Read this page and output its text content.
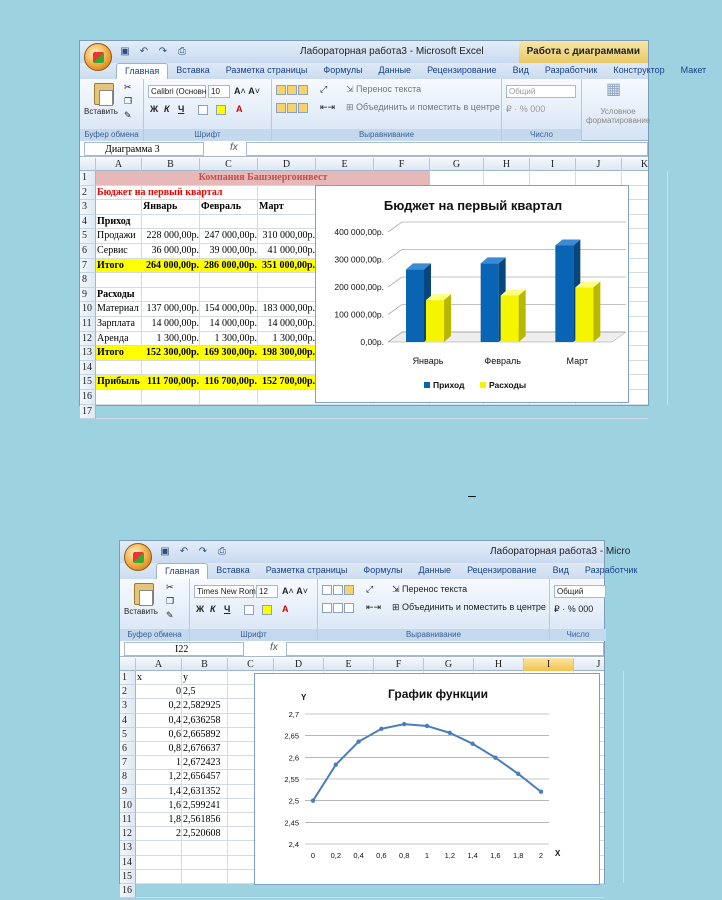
▣ ↶ ↷	⎙	Лабораторная работа3 - Microsoft Excel	Работа с диаграммами
Главная	Вставка	Разметка страницы	Формулы	Данные	Рецензирование	Вид	Разработчик	Конструктор	Макет
Вставить
✂
❐
✎
Буфер обмена
Calibri (Основн 10	A˄ A˅
Ж К Ч	A
Шрифт
⤢ ⇲ Перенос текста
⇤⇥ ⊞ Объединить и поместить в центре
Выравнивание
Общий
₽ · % 000
Число
▦
Условное форматирование
Диаграмма 3	fx
A	B	C	D	E	F	G	H	I	J	K
1
2
3
4
5
6
7
8
9
10
11
12
13
14
15
16
17
Компания Башэнергоинвест
Бюджет на первый квартал
Январь	Февраль	Март
Приход
Продажи	228 000,00р. 247 000,00р. 310 000,00р.
Сервис	36 000,00р.	39 000,00р.	41 000,00р.
Итого	264 000,00р. 286 000,00р. 351 000,00р.
Материал 137 000,00р. 154 000,00р. 183 000,00р.
Зарплата	14 000,00р.	14 000,00р.	14 000,00р.
Аренда	1 300,00р.	1 300,00р.	1 300,00р.
Итого	152 300,00р. 169 300,00р. 198 300,00р.
Прибыль 111 700,00р. 116 700,00р. 152 700,00р.
Расходы
Бюджет на первый квартал
0,00р.
100 000,00р.
200 000,00р.
300 000,00р.
400 000,00р.
Январь	Февраль	Март
Приход	Расходы
–
▣ ↶ ↷	⎙	Лабораторная работа3 - Micro
Главная	Вставка	Разметка страницы	Формулы	Данные	Рецензирование	Вид	Разработчик
Вставить
✂
❐
✎
Буфер обмена
Times New Rom 12	A˄ A˅
Ж К Ч	A
Шрифт
⤢ ⇲ Перенос текста
⇤⇥ ⊞ Объединить и поместить в центре
Выравнивание
Общий
₽ · % 000
Число
I22	fx
A	B	C	D	E	F	G	H	I	J
1
2
3
4
5
6
7
8
9
10
11
12
13
14
15
16
x	y
0 2,5
0,2 2,582925
0,4 2,636258
0,6 2,665892
0,8 2,676637
1 2,672423
1,2 2,656457
1,4 2,631352
1,6 2,599241
1,8 2,561856
2 2,520608
График функции
Y
X
2,4
2,45
2,5
2,55
2,6
2,65
2,7
0 0,2 0,4 0,6 0,8 1 1,2 1,4 1,6 1,8 2
